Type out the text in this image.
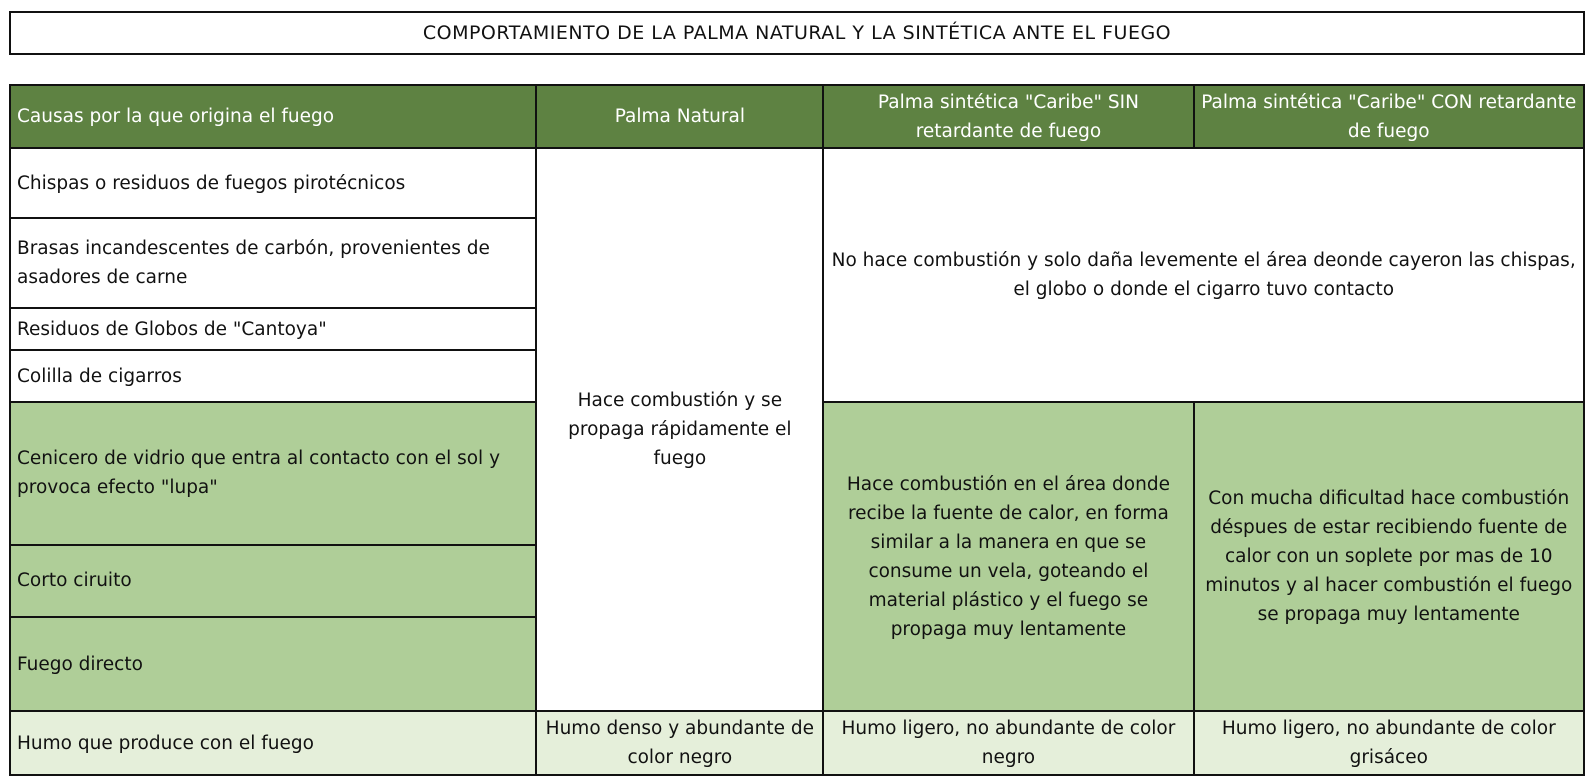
COMPORTAMIENTO DE LA PALMA NATURAL Y LA SINTÉTICA ANTE EL FUEGO
Causas por la que origina el fuego	Palma Natural	Palma sintética "Caribe" SIN retardante de fuego	Palma sintética "Caribe" CON retardante de fuego
Chispas o residuos de fuegos pirotécnicos	Hace combustión y se propaga rápidamente el fuego	No hace combustión y solo daña levemente el área deonde cayeron las chispas, el globo o donde el cigarro tuvo contacto	
Brasas incandescentes de carbón, provenientes de asadores de carne			
Residuos de Globos de "Cantoya"			
Colilla de cigarros			
Cenicero de vidrio que entra al contacto con el sol y provoca efecto "lupa"		Hace combustión en el área donde recibe la fuente de calor, en forma similar a la manera en que se consume un vela, goteando el material plástico y el fuego se propaga muy lentamente	Con mucha dificultad hace combustión déspues de estar recibiendo fuente de calor con un soplete por mas de 10 minutos y al hacer combustión el fuego se propaga muy lentamente
Corto ciruito			
Fuego directo			
Humo que produce con el fuego	Humo denso y abundante de color negro	Humo ligero, no abundante de color negro	Humo ligero, no abundante de color grisáceo
